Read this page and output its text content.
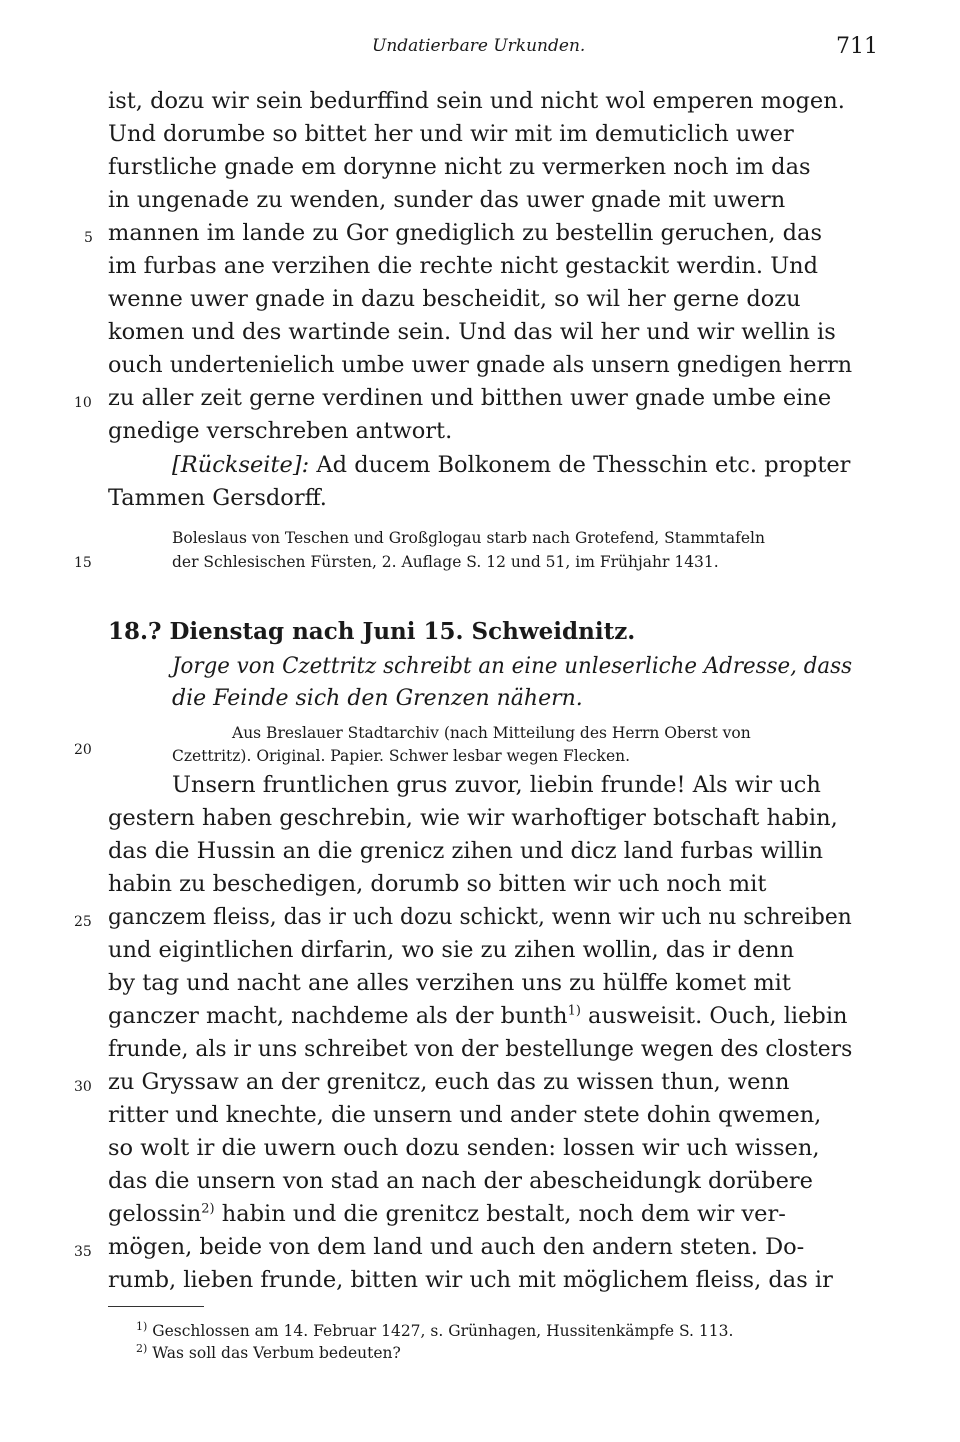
Undatierbare Urkunden.	711
ist, dozu wir sein bedurffind sein und nicht wol emperen mogen.
Und dorumbe so bittet her und wir mit im demuticlich uwer
furstliche gnade em dorynne nicht zu vermerken noch im das
in ungenade zu wenden, sunder das uwer gnade mit uwern
mannen im lande zu Gor gnediglich zu bestellin geruchen, das
im furbas ane verzihen die rechte nicht gestackit werdin. Und
wenne uwer gnade in dazu bescheidit, so wil her gerne dozu
komen und des wartinde sein. Und das wil her und wir wellin is
ouch undertenielich umbe uwer gnade als unsern gnedigen herrn
zu aller zeit gerne verdinen und bitthen uwer gnade umbe eine
gnedige verschreben antwort.
[Rückseite]: Ad ducem Bolkonem de Thesschin etc. propter
Tammen Gersdorff.
Boleslaus von Teschen und Großglogau starb nach Grotefend, Stammtafeln
der Schlesischen Fürsten, 2. Auflage S. 12 und 51, im Frühjahr 1431.
18.? Dienstag nach Juni 15. Schweidnitz.
Jorge von Czettritz schreibt an eine unleserliche Adresse, dass
die Feinde sich den Grenzen nähern.
Aus Breslauer Stadtarchiv (nach Mitteilung des Herrn Oberst von
Czettritz). Original. Papier. Schwer lesbar wegen Flecken.
Unsern fruntlichen grus zuvor, liebin frunde! Als wir uch
gestern haben geschrebin, wie wir warhoftiger botschaft habin,
das die Hussin an die grenicz zihen und dicz land furbas willin
habin zu beschedigen, dorumb so bitten wir uch noch mit
ganczem fleiss, das ir uch dozu schickt, wenn wir uch nu schreiben
und eigintlichen dirfarin, wo sie zu zihen wollin, das ir denn
by tag und nacht ane alles verzihen uns zu hülffe komet mit
ganczer macht, nachdeme als der bunth$^{1)}$ ausweisit. Ouch, liebin
frunde, als ir uns schreibet von der bestellunge wegen des closters
zu Gryssaw an der grenitcz, euch das zu wissen thun, wenn
ritter und knechte, die unsern und ander stete dohin qwemen,
so wolt ir die uwern ouch dozu senden: lossen wir uch wissen,
das die unsern von stad an nach der abescheidungk dorübere
gelossin$^{2)}$ habin und die grenitcz bestalt, noch dem wir ver-
mögen, beide von dem land und auch den andern steten. Do-
rumb, lieben frunde, bitten wir uch mit möglichem fleiss, das ir
5
10
15
20
25
30
35
$^{1)}$ Geschlossen am 14. Februar 1427, s. Grünhagen, Hussitenkämpfe S. 113.
$^{2)}$ Was soll das Verbum bedeuten?
